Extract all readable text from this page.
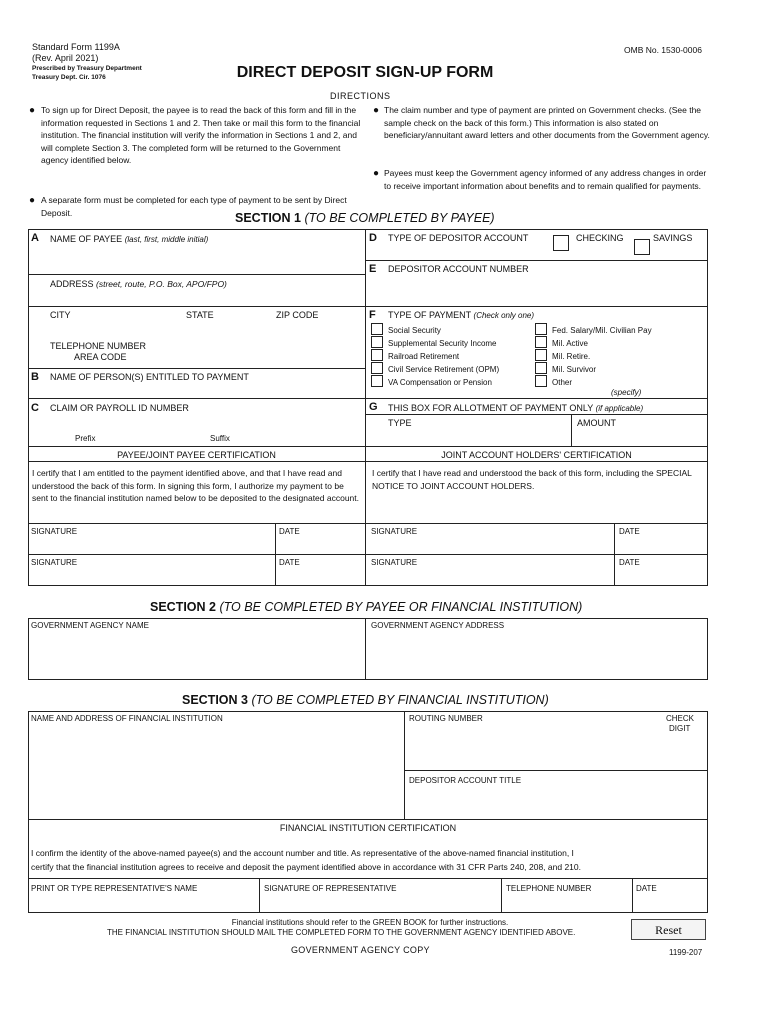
Standard Form 1199A
(Rev. April 2021)
Prescribed by Treasury Department
Treasury Dept. Cir. 1076	DIRECT DEPOSIT SIGN-UP FORM
OMB No. 1530-0006
DIRECTIONS
● To sign up for Direct Deposit, the payee is to read the back of this form and fill in the information requested in Sections 1 and 2. Then take or mail this form to the financial institution. The financial institution will verify the information in Sections 1 and 2, and will complete Section 3. The completed form will be returned to the Government agency identified below.
● A separate form must be completed for each type of payment to be sent by Direct Deposit.
● The claim number and type of payment are printed on Government checks. (See the sample check on the back of this form.) This information is also stated on beneficiary/annuitant award letters and other documents from the Government agency.
● Payees must keep the Government agency informed of any address changes in order to receive important information about benefits and to remain qualified for payments.
SECTION 1 (TO BE COMPLETED BY PAYEE)
A NAME OF PAYEE (last, first, middle initial)
ADDRESS (street, route, P.O. Box, APO/FPO)
CITY	STATE	ZIP CODE
TELEPHONE NUMBER
AREA CODE
B NAME OF PERSON(S) ENTITLED TO PAYMENT
C CLAIM OR PAYROLL ID NUMBER
Prefix	Suffix
D TYPE OF DEPOSITOR ACCOUNT	CHECKING	SAVINGS
E DEPOSITOR ACCOUNT NUMBER
F TYPE OF PAYMENT (Check only one)
Social Security
Supplemental Security Income
Railroad Retirement
Civil Service Retirement (OPM)
VA Compensation or Pension
Fed. Salary/Mil. Civilian Pay
Mil. Active
Mil. Retire.
Mil. Survivor
Other
(specify)
G THIS BOX FOR ALLOTMENT OF PAYMENT ONLY (if applicable)
TYPE	AMOUNT
PAYEE/JOINT PAYEE CERTIFICATION
I certify that I am entitled to the payment identified above, and that I have read and understood the back of this form. In signing this form, I authorize my payment to be sent to the financial institution named below to be deposited to the designated account.
JOINT ACCOUNT HOLDERS' CERTIFICATION
I certify that I have read and understood the back of this form, including the SPECIAL NOTICE TO JOINT ACCOUNT HOLDERS.
SIGNATURE	DATE	SIGNATURE	DATE
SIGNATURE	DATE	SIGNATURE	DATE
SECTION 2 (TO BE COMPLETED BY PAYEE OR FINANCIAL INSTITUTION)
GOVERNMENT AGENCY NAME	GOVERNMENT AGENCY ADDRESS
SECTION 3 (TO BE COMPLETED BY FINANCIAL INSTITUTION)
NAME AND ADDRESS OF FINANCIAL INSTITUTION	ROUTING NUMBER	CHECK
DIGIT
DEPOSITOR ACCOUNT TITLE
FINANCIAL INSTITUTION CERTIFICATION
I confirm the identity of the above-named payee(s) and the account number and title. As representative of the above-named financial institution, I
certify that the financial institution agrees to receive and deposit the payment identified above in accordance with 31 CFR Parts 240, 208, and 210.
PRINT OR TYPE REPRESENTATIVE'S NAME	SIGNATURE OF REPRESENTATIVE	TELEPHONE NUMBER	DATE
Financial institutions should refer to the GREEN BOOK for further instructions.
THE FINANCIAL INSTITUTION SHOULD MAIL THE COMPLETED FORM TO THE GOVERNMENT AGENCY IDENTIFIED ABOVE.	Reset
GOVERNMENT AGENCY COPY	1199-207
